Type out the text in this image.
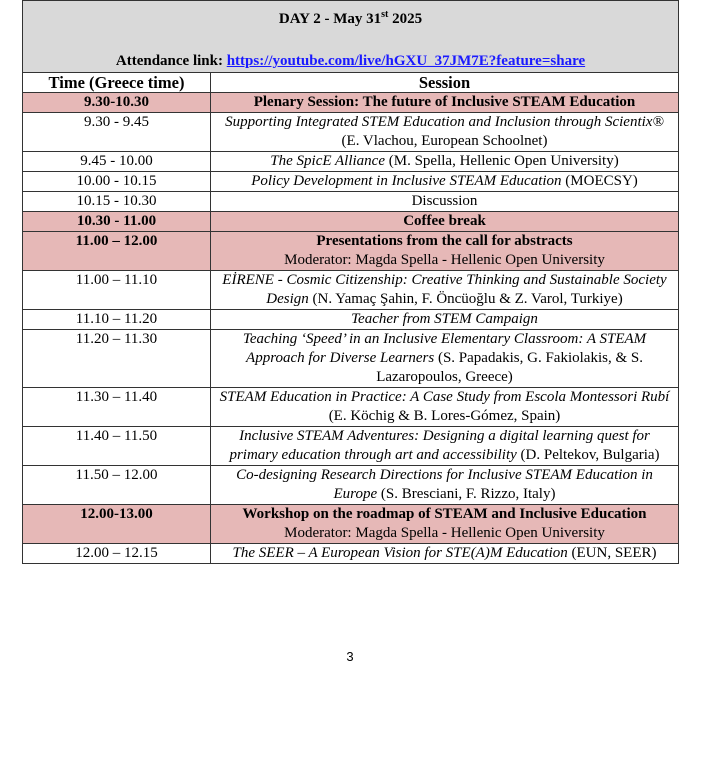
DAY 2 - May 31st 2025
Attendance link: https://youtube.com/live/hGXU_37JM7E?feature=share	

Time (Greece time)	Session
9.30-10.30	Plenary Session: The future of Inclusive STEAM Education
9.30 - 9.45	Supporting Integrated STEM Education and Inclusion through Scientix® (E. Vlachou, European Schoolnet)
9.45 - 10.00	The SpicE Alliance (M. Spella, Hellenic Open University)
10.00 - 10.15	Policy Development in Inclusive STEAM Education (MOECSY)
10.15 - 10.30	Discussion
10.30 - 11.00	Coffee break
11.00 – 12.00	Presentations from the call for abstracts
Moderator: Magda Spella - Hellenic Open University

11.00 – 11.10	EİRENE - Cosmic Citizenship: Creative Thinking and Sustainable Society Design (N. Yamaç Şahin, F. Öncüoğlu & Z. Varol, Turkiye)
11.10 – 11.20	Teacher from STEM Campaign
11.20 – 11.30	Teaching ‘Speed’ in an Inclusive Elementary Classroom: A STEAM Approach for Diverse Learners (S. Papadakis, G. Fakiolakis, & S. Lazaropoulos, Greece)
11.30 – 11.40	STEAM Education in Practice: A Case Study from Escola Montessori Rubí (E. Köchig & B. Lores-Gómez, Spain)
11.40 – 11.50	Inclusive STEAM Adventures: Designing a digital learning quest for primary education through art and accessibility (D. Peltekov, Bulgaria)
11.50 – 12.00	Co-designing Research Directions for Inclusive STEAM Education in Europe (S. Bresciani, F. Rizzo, Italy)
12.00-13.00	Workshop on the roadmap of STEAM and Inclusive Education
Moderator: Magda Spella - Hellenic Open University

12.00 – 12.15	The SEER – A European Vision for STE(A)M Education (EUN, SEER)
3
